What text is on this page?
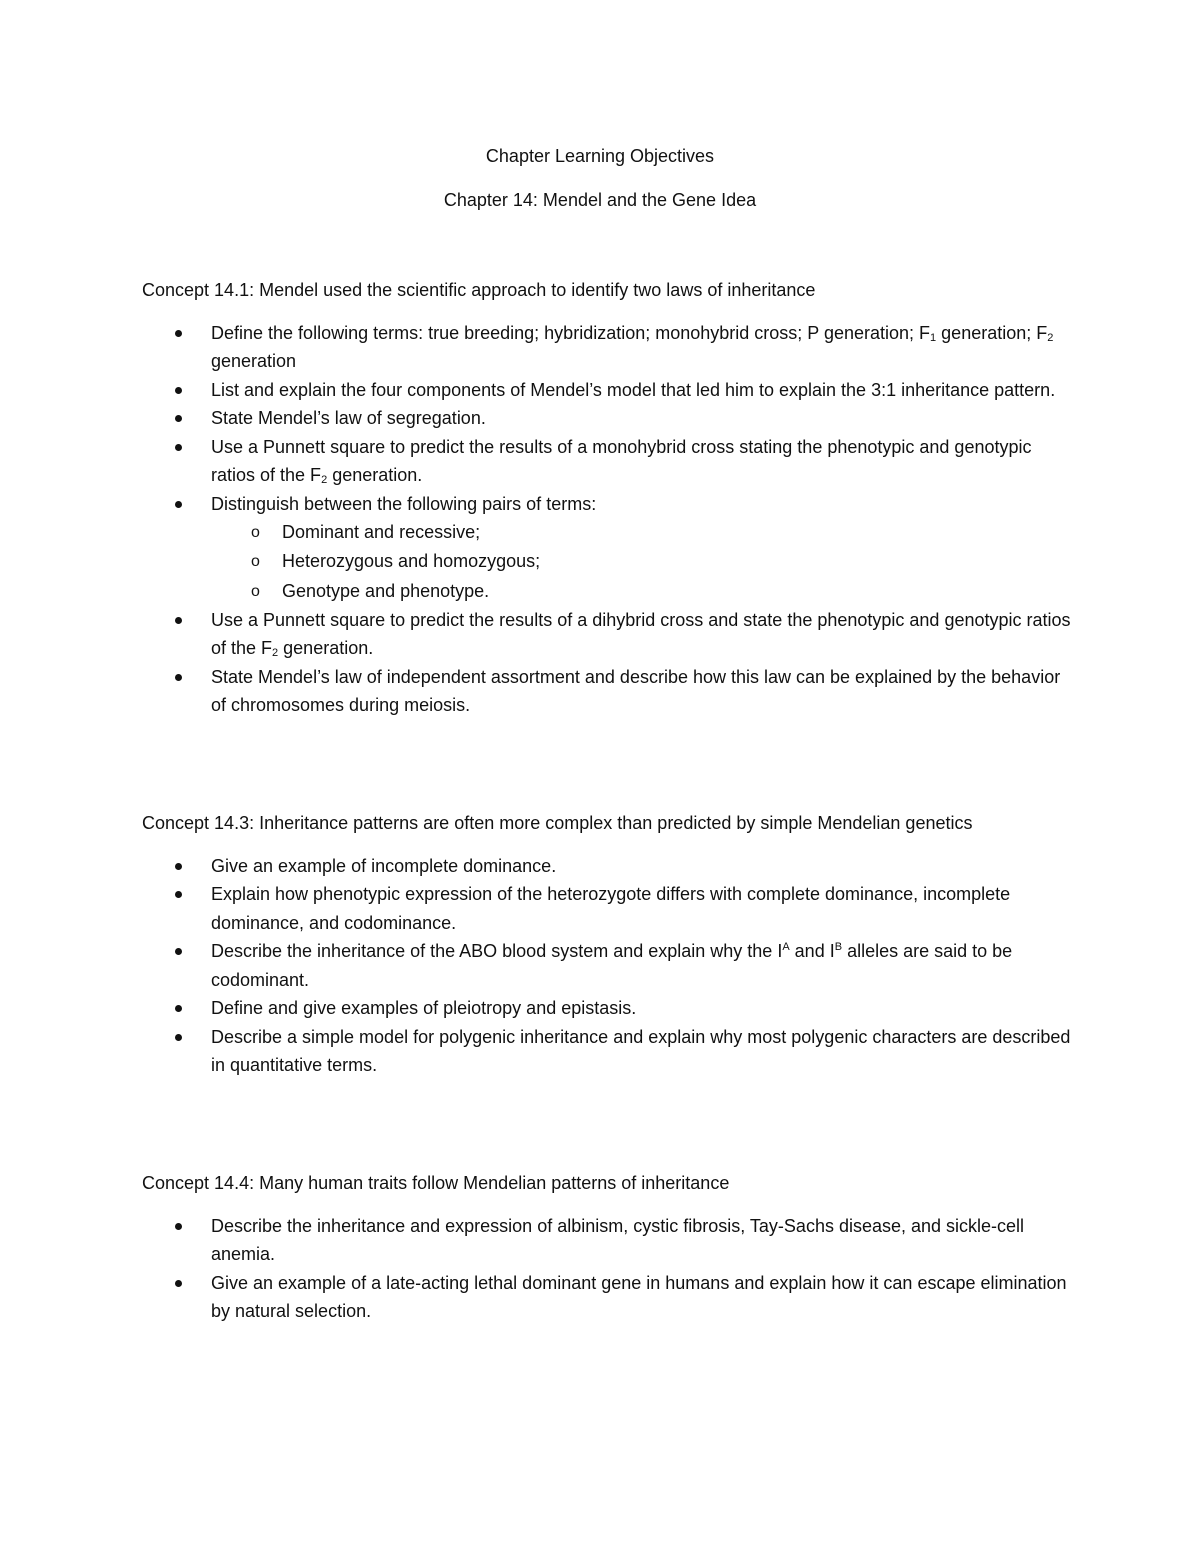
Chapter Learning Objectives
Chapter 14: Mendel and the Gene Idea

Concept 14.1: Mendel used the scientific approach to identify two laws of inheritance

Define the following terms: true breeding; hybridization; monohybrid cross; P generation; $F_1$ generation; $F_2$ generation
List and explain the four components of Mendel’s model that led him to explain the 3:1 inheritance pattern.
State Mendel’s law of segregation.
Use a Punnett square to predict the results of a monohybrid cross stating the phenotypic and genotypic ratios of the $F_2$ generation.
Distinguish between the following pairs of terms:
o Dominant and recessive;
o Heterozygous and homozygous;
o Genotype and phenotype.
Use a Punnett square to predict the results of a dihybrid cross and state the phenotypic and genotypic ratios of the $F_2$ generation.
State Mendel’s law of independent assortment and describe how this law can be explained by the behavior of chromosomes during meiosis.

Concept 14.3: Inheritance patterns are often more complex than predicted by simple Mendelian genetics

Give an example of incomplete dominance.
Explain how phenotypic expression of the heterozygote differs with complete dominance, incomplete dominance, and codominance.
Describe the inheritance of the ABO blood system and explain why the $I^A$ and $I^B$ alleles are said to be codominant.
Define and give examples of pleiotropy and epistasis.
Describe a simple model for polygenic inheritance and explain why most polygenic characters are described in quantitative terms.

Concept 14.4: Many human traits follow Mendelian patterns of inheritance

Describe the inheritance and expression of albinism, cystic fibrosis, Tay-Sachs disease, and sickle-cell anemia.
Give an example of a late-acting lethal dominant gene in humans and explain how it can escape elimination by natural selection.
